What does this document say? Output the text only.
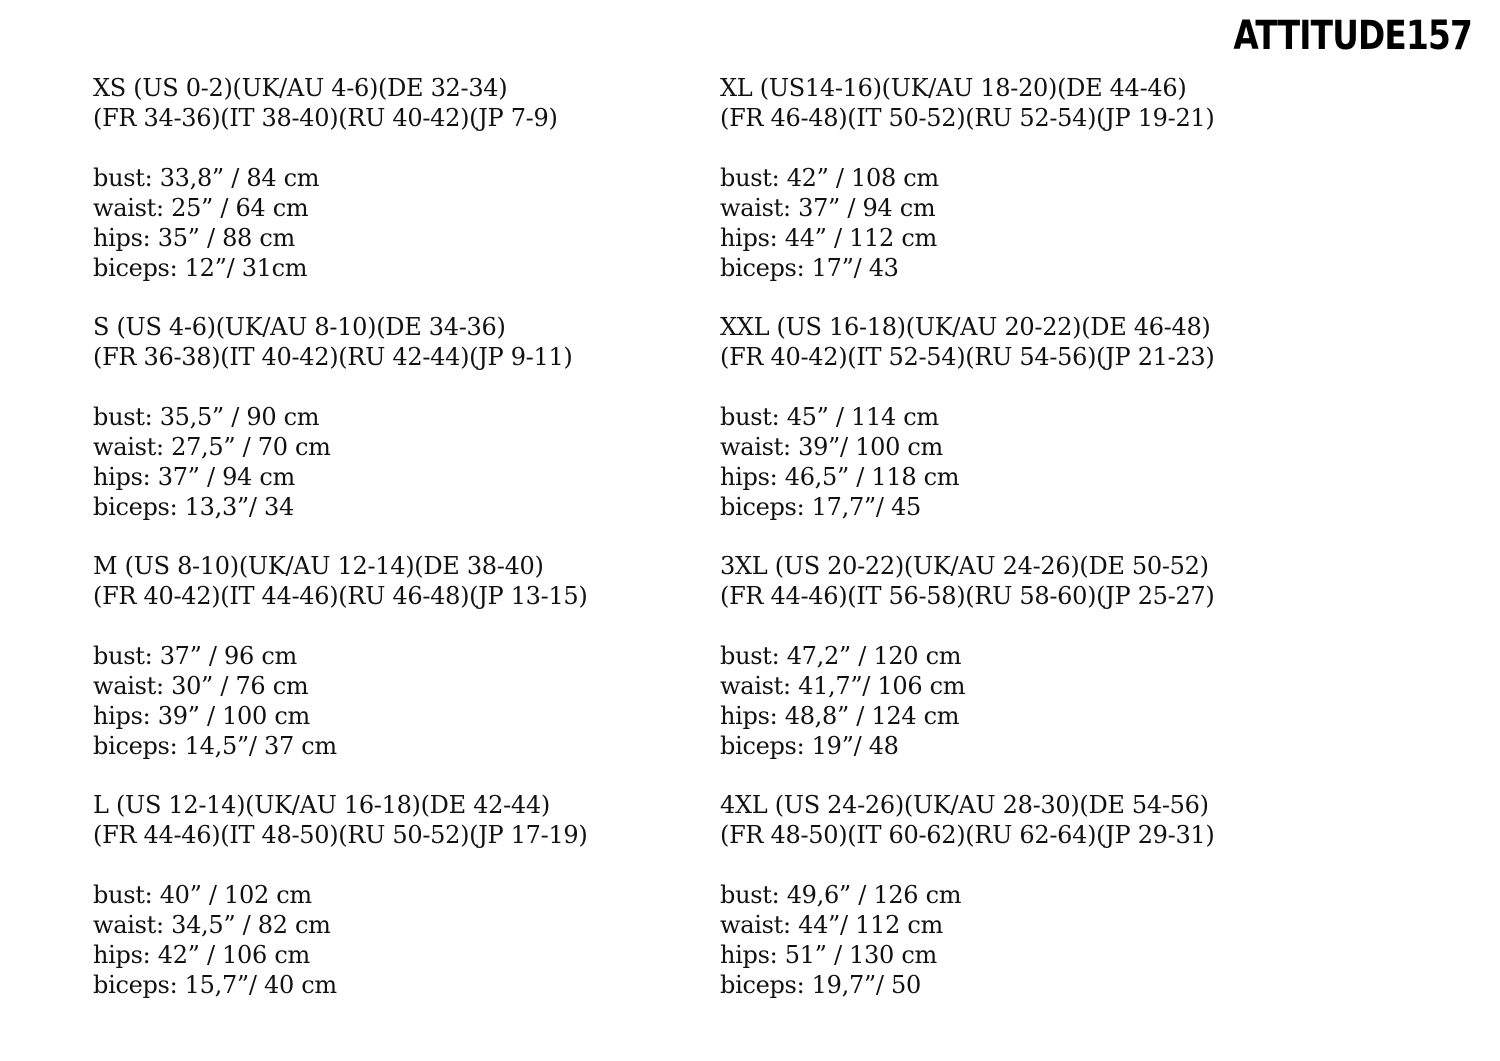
ATTITUDE157

XS (US 0-2)(UK/AU 4-6)(DE 32-34)

(FR 34-36)(IT 38-40)(RU 40-42)(JP 7-9)

bust: 33,8” / 84 cm

waist: 25” / 64 cm

hips: 35” / 88 cm

biceps: 12”/ 31cm

S (US 4-6)(UK/AU 8-10)(DE 34-36)

(FR 36-38)(IT 40-42)(RU 42-44)(JP 9-11)

bust: 35,5” / 90 cm

waist: 27,5” / 70 cm

hips: 37” / 94 cm

biceps: 13,3”/ 34

M (US 8-10)(UK/AU 12-14)(DE 38-40)

(FR 40-42)(IT 44-46)(RU 46-48)(JP 13-15)

bust: 37” / 96 cm

waist: 30” / 76 cm

hips: 39” / 100 cm

biceps: 14,5”/ 37 cm

L (US 12-14)(UK/AU 16-18)(DE 42-44)

(FR 44-46)(IT 48-50)(RU 50-52)(JP 17-19)

bust: 40” / 102 cm

waist: 34,5” / 82 cm

hips: 42” / 106 cm

biceps: 15,7”/ 40 cm

XL (US14-16)(UK/AU 18-20)(DE 44-46)

(FR 46-48)(IT 50-52)(RU 52-54)(JP 19-21)

bust: 42” / 108 cm

waist: 37” / 94 cm

hips: 44” / 112 cm

biceps: 17”/ 43

XXL (US 16-18)(UK/AU 20-22)(DE 46-48)

(FR 40-42)(IT 52-54)(RU 54-56)(JP 21-23)

bust: 45” / 114 cm

waist: 39”/ 100 cm

hips: 46,5” / 118 cm

biceps: 17,7”/ 45

3XL (US 20-22)(UK/AU 24-26)(DE 50-52)

(FR 44-46)(IT 56-58)(RU 58-60)(JP 25-27)

bust: 47,2” / 120 cm

waist: 41,7”/ 106 cm

hips: 48,8” / 124 cm

biceps: 19”/ 48

4XL (US 24-26)(UK/AU 28-30)(DE 54-56)

(FR 48-50)(IT 60-62)(RU 62-64)(JP 29-31)

bust: 49,6” / 126 cm

waist: 44”/ 112 cm

hips: 51” / 130 cm

biceps: 19,7”/ 50
